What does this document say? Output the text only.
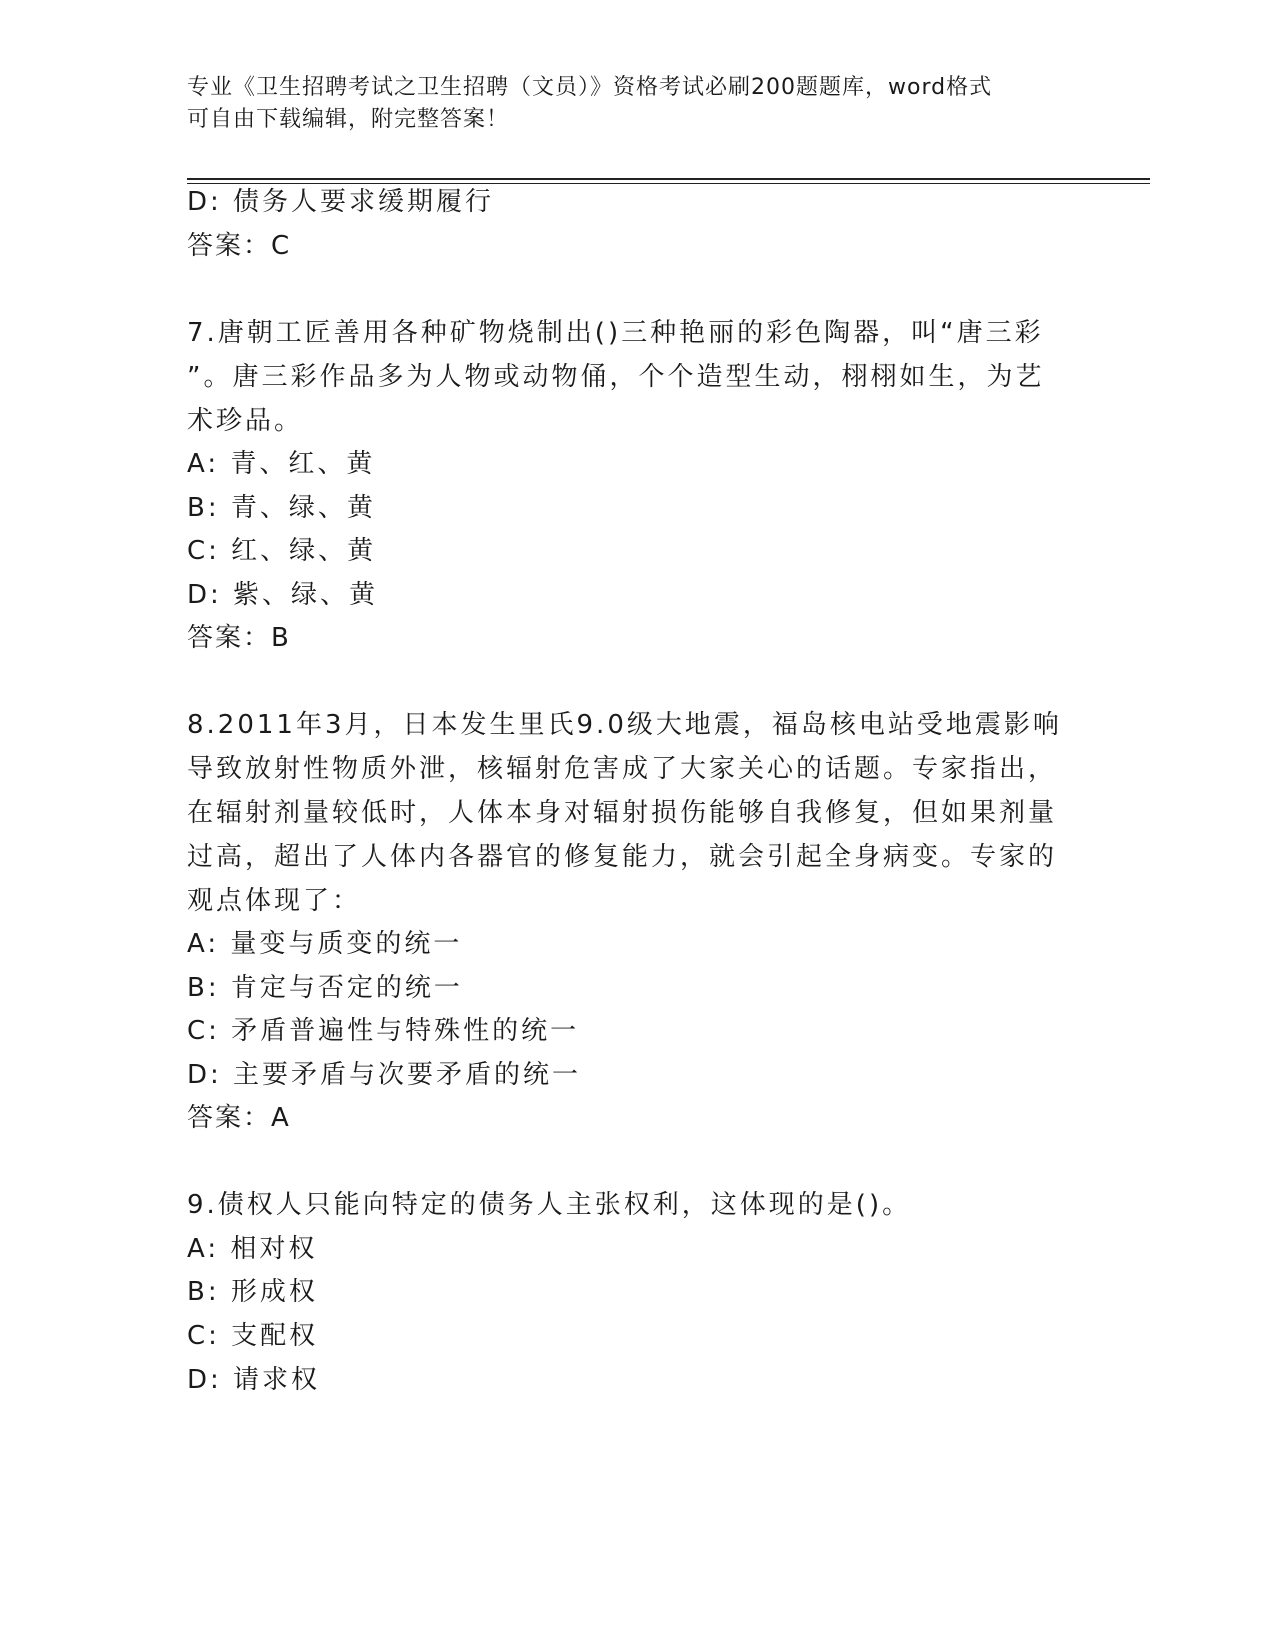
专业《卫生招聘考试之卫生招聘（文员）》资格考试必刷200题题库，word格式
可自由下载编辑，附完整答案！
D: 债务人要求缓期履行
答案：C
7.唐朝工匠善用各种矿物烧制出()三种艳丽的彩色陶器，叫“唐三彩
”。唐三彩作品多为人物或动物俑，个个造型生动，栩栩如生，为艺
术珍品。
A: 青、红、黄
B: 青、绿、黄
C: 红、绿、黄
D: 紫、绿、黄
答案：B
8.2011年3月，日本发生里氏9.0级大地震，福岛核电站受地震影响
导致放射性物质外泄，核辐射危害成了大家关心的话题。专家指出，
在辐射剂量较低时，人体本身对辐射损伤能够自我修复，但如果剂量
过高，超出了人体内各器官的修复能力，就会引起全身病变。专家的
观点体现了：
A: 量变与质变的统一
B: 肯定与否定的统一
C: 矛盾普遍性与特殊性的统一
D: 主要矛盾与次要矛盾的统一
答案：A
9.债权人只能向特定的债务人主张权利，这体现的是()。
A: 相对权
B: 形成权
C: 支配权
D: 请求权
